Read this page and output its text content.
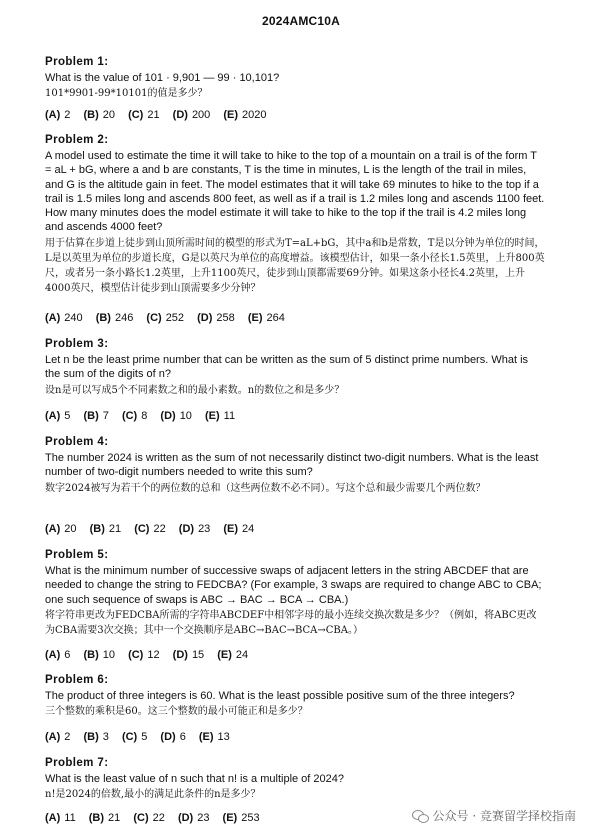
2024AMC10A
Problem 1:
What is the value of 101 · 9,901 — 99 · 10,101?
101*9901-99*10101的值是多少？
(A) 2 (B) 20 (C) 21 (D) 200 (E) 2020
Problem 2:
A model used to estimate the time it will take to hike to the top of a mountain on a trail is of the form T = aL + bG, where a and b are constants, T is the time in minutes, L is the length of the trail in miles, and G is the altitude gain in feet. The model estimates that it will take 69 minutes to hike to the top if a trail is 1.5 miles long and ascends 800 feet, as well as if a trail is 1.2 miles long and ascends 1100 feet. How many minutes does the model estimate it will take to hike to the top if the trail is 4.2 miles long and ascends 4000 feet?
用于估算在步道上徒步到山顶所需时间的模型的形式为T=aL+bG，其中a和b是常数，T是以分钟为单位的时间，L是以英里为单位的步道长度，G是以英尺为单位的高度增益。该模型估计，如果一条小径长1.5英里，上升800英尺，或者另一条小路长1.2英里，上升1100英尺，徒步到山顶都需要69分钟。如果这条小径长4.2英里，上升4000英尺，模型估计徒步到山顶需要多少分钟？
(A) 240 (B) 246 (C) 252 (D) 258 (E) 264
Problem 3:
Let n be the least prime number that can be written as the sum of 5 distinct prime numbers. What is the sum of the digits of n?
设n是可以写成5个不同素数之和的最小素数。n的数位之和是多少？
(A) 5 (B) 7 (C) 8 (D) 10 (E) 11
Problem 4:
The number 2024 is written as the sum of not necessarily distinct two-digit numbers. What is the least number of two-digit numbers needed to write this sum?
数字2024被写为若干个的两位数的总和（这些两位数不必不同）。写这个总和最少需要几个两位数？
(A) 20 (B) 21 (C) 22 (D) 23 (E) 24
Problem 5:
What is the minimum number of successive swaps of adjacent letters in the string ABCDEF that are needed to change the string to FEDCBA? (For example, 3 swaps are required to change ABC to CBA; one such sequence of swaps is ABC → BAC → BCA → CBA.)
将字符串更改为FEDCBA所需的字符串ABCDEF中相邻字母的最小连续交换次数是多少？（例如，将ABC更改为CBA需要3次交换；其中一个交换顺序是ABC→BAC→BCA→CBA。）
(A) 6 (B) 10 (C) 12 (D) 15 (E) 24
Problem 6:
The product of three integers is 60. What is the least possible positive sum of the three integers?
三个整数的乘积是60。这三个整数的最小可能正和是多少？
(A) 2 (B) 3 (C) 5 (D) 6 (E) 13
Problem 7:
What is the least value of n such that n! is a multiple of 2024?
n!是2024的倍数,最小的满足此条件的n是多少？
(A) 11 (B) 21 (C) 22 (D) 23 (E) 253	公众号 · 竞赛留学择校指南
